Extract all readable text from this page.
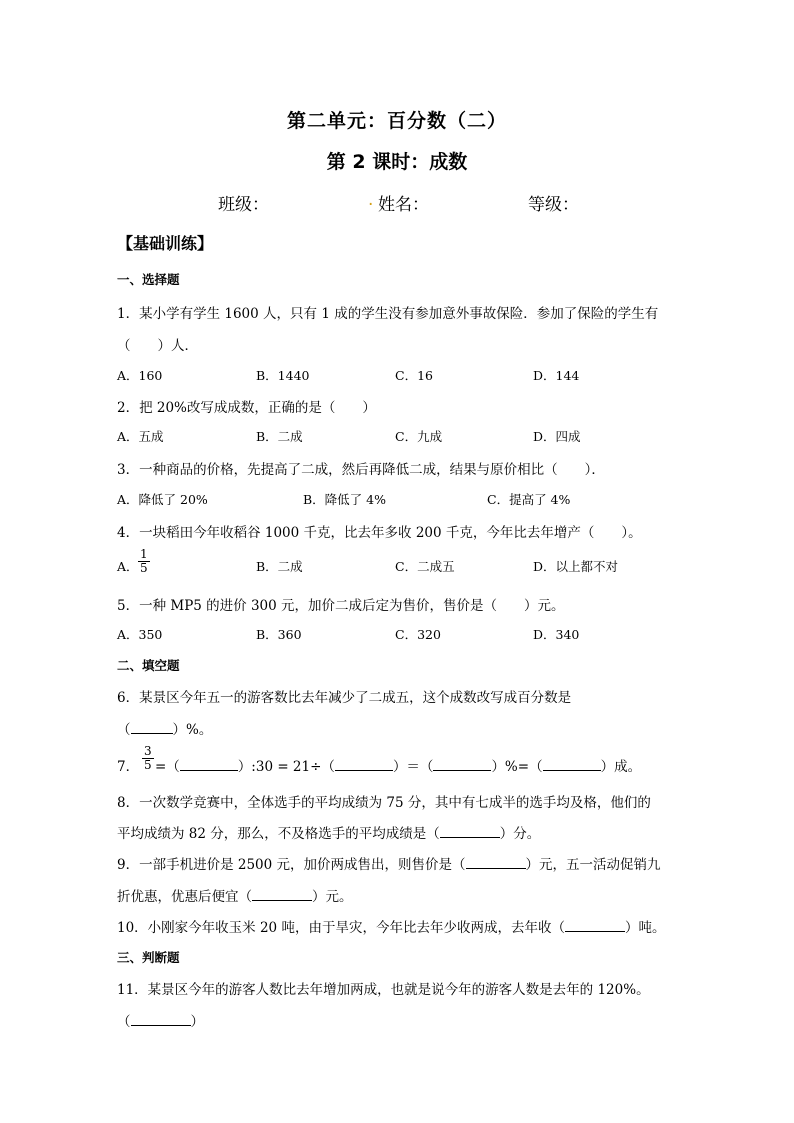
第二单元：百分数（二）
第 2 课时：成数
班级：	. 姓名：	等级：
【基础训练】
一、选择题
1．某小学有学生 1600 人，只有 1 成的学生没有参加意外事故保险．参加了保险的学生有
（　　）人．
A．160	B．1440	C．16	D．144
2．把 20%改写成成数，正确的是（　　）
A．五成	B．二成	C．九成	D．四成
3．一种商品的价格，先提高了二成，然后再降低二成，结果与原价相比（　　）．
A．降低了 20%	B．降低了 4%	C．提高了 4%
4．一块稻田今年收稻谷 1000 千克，比去年多收 200 千克，今年比去年增产（　　）。
A． $\frac{1}{5}$	B．二成	C．二成五	D．以上都不对
5．一种 MP5 的进价 300 元，加价二成后定为售价，售价是（　　）元。
A．350	B．360	C．320	D．340
二、填空题
6．某景区今年五一的游客数比去年减少了二成五，这个成数改写成百分数是
（	）%。
7． $\frac{3}{5}$ =（	）:30 = 21÷（	）＝（	）%=（	）成。
8．一次数学竞赛中，全体选手的平均成绩为 75 分，其中有七成半的选手均及格，他们的
平均成绩为 82 分，那么，不及格选手的平均成绩是（	）分。
9．一部手机进价是 2500 元，加价两成售出，则售价是（	）元，五一活动促销九
折优惠，优惠后便宜（	）元。
10．小刚家今年收玉米 20 吨，由于旱灾，今年比去年少收两成，去年收（	）吨。
三、判断题
11．某景区今年的游客人数比去年增加两成，也就是说今年的游客人数是去年的 120%。
（	）
